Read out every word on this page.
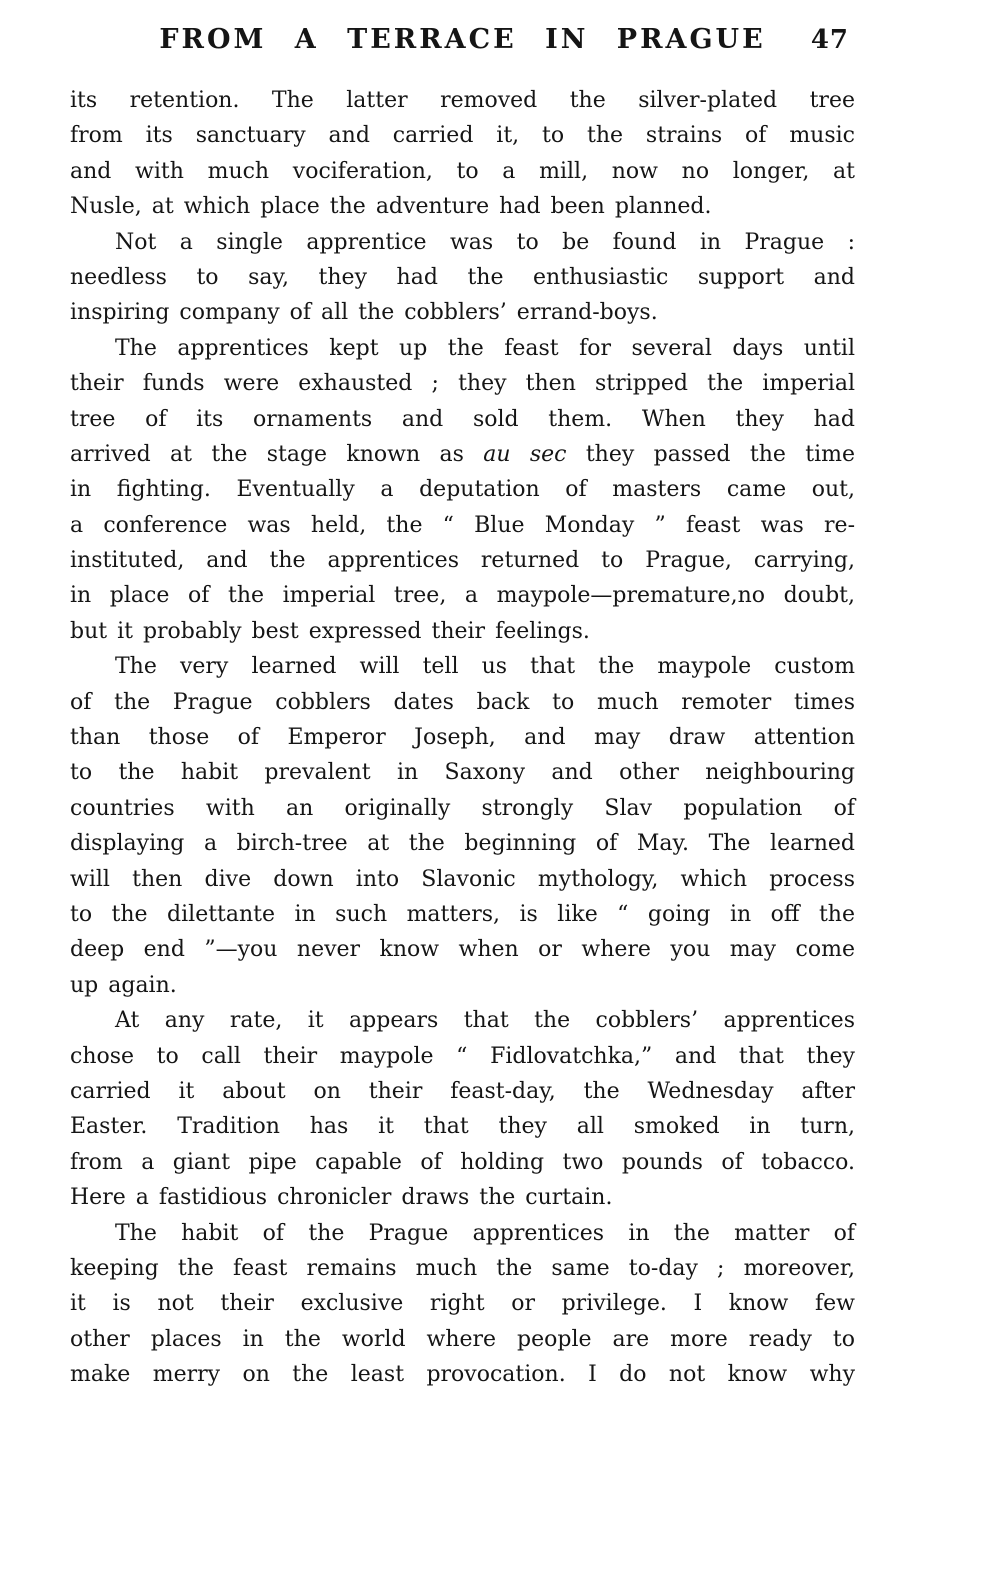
FROM A TERRACE IN PRAGUE	47
its retention. The latter removed the silver-plated tree
from its sanctuary and carried it, to the strains of music
and with much vociferation, to a mill, now no longer, at
Nusle, at which place the adventure had been planned.
Not a single apprentice was to be found in Prague :
needless to say, they had the enthusiastic support and
inspiring company of all the cobblers’ errand-boys.
The apprentices kept up the feast for several days until
their funds were exhausted ; they then stripped the imperial
tree of its ornaments and sold them. When they had
arrived at the stage known as au sec they passed the time
in fighting. Eventually a deputation of masters came out,
a conference was held, the “ Blue Monday ” feast was re-
instituted, and the apprentices returned to Prague, carrying,
in place of the imperial tree, a maypole—premature,no doubt,
but it probably best expressed their feelings.
The very learned will tell us that the maypole custom
of the Prague cobblers dates back to much remoter times
than those of Emperor Joseph, and may draw attention
to the habit prevalent in Saxony and other neighbouring
countries with an originally strongly Slav population of
displaying a birch-tree at the beginning of May. The learned
will then dive down into Slavonic mythology, which process
to the dilettante in such matters, is like “ going in off the
deep end ”—you never know when or where you may come
up again.
At any rate, it appears that the cobblers’ apprentices
chose to call their maypole “ Fidlovatchka,” and that they
carried it about on their feast-day, the Wednesday after
Easter. Tradition has it that they all smoked in turn,
from a giant pipe capable of holding two pounds of tobacco.
Here a fastidious chronicler draws the curtain.
The habit of the Prague apprentices in the matter of
keeping the feast remains much the same to-day ; moreover,
it is not their exclusive right or privilege. I know few
other places in the world where people are more ready to
make merry on the least provocation. I do not know why
